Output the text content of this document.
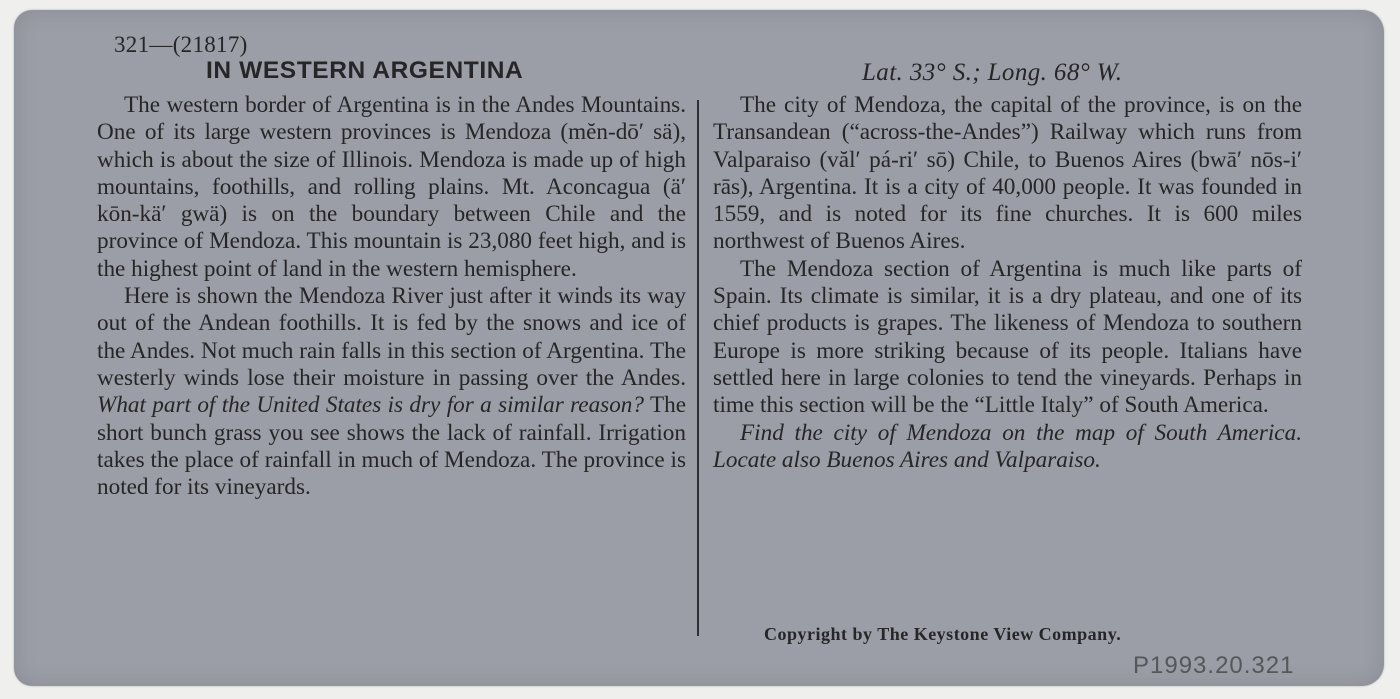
321—(21817)
IN WESTERN ARGENTINA	Lat. 33° S.; Long. 68° W.

The western border of Argentina is in the Andes Mountains. One of its large western provinces is Mendoza (mĕn-dō′ sä), which is about the size of Illinois. Mendoza is made up of high mountains, foothills, and rolling plains. Mt. Aconcagua (ä′ kōn-kä′ gwä) is on the boundary between Chile and the province of Mendoza. This mountain is 23,080 feet high, and is the highest point of land in the western hemisphere.

Here is shown the Mendoza River just after it winds its way out of the Andean foothills. It is fed by the snows and ice of the Andes. Not much rain falls in this section of Argentina. The westerly winds lose their moisture in passing over the Andes. What part of the United States is dry for a similar reason? The short bunch grass you see shows the lack of rainfall. Irrigation takes the place of rainfall in much of Mendoza. The province is noted for its vineyards.

The city of Mendoza, the capital of the province, is on the Transandean (“across-the-Andes”) Railway which runs from Valparaiso (văl′ pá-ri′ sō) Chile, to Buenos Aires (bwā′ nōs-i′ rās), Argentina. It is a city of 40,000 people. It was founded in 1559, and is noted for its fine churches. It is 600 miles northwest of Buenos Aires.

The Mendoza section of Argentina is much like parts of Spain. Its climate is similar, it is a dry plateau, and one of its chief products is grapes. The likeness of Mendoza to southern Europe is more striking because of its people. Italians have settled here in large colonies to tend the vineyards. Perhaps in time this section will be the “Little Italy” of South America.

Find the city of Mendoza on the map of South America. Locate also Buenos Aires and Valparaiso.

Copyright by The Keystone View Company.
P1993.20.321
